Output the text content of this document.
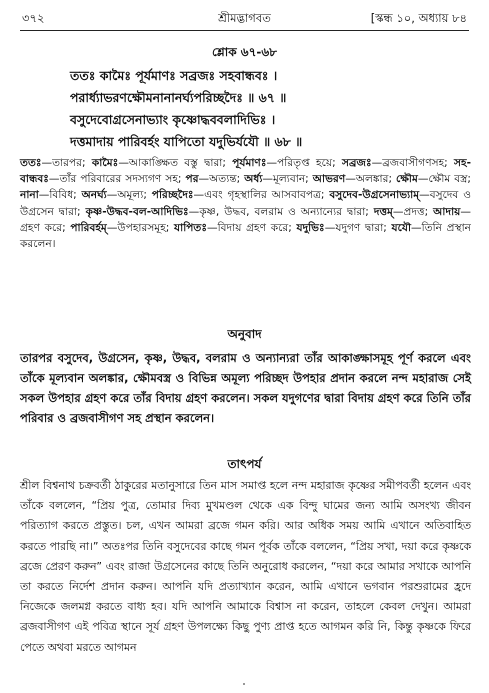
৩৭২	শ্রীমদ্ভাগবত	[স্কন্ধ ১০, অধ্যায় ৮৪
শ্লোক ৬৭-৬৮
ততঃ কামৈঃ পূর্যমাণঃ সব্রজঃ সহবান্ধবঃ ।
পরার্ধ্যাভরণক্ষৌমনানানর্ঘ্যপরিচ্ছদৈঃ ॥ ৬৭ ॥
বসুদেবোগ্রসেনাভ্যাং কৃষ্ণোদ্ধববলাদিভিঃ ।
দত্তমাদায় পারিবর্হং যাপিতো যদুভির্যযৌ ॥ ৬৮ ॥
ততঃ—তারপর; কামৈঃ—আকাঙ্ক্ষিত বস্তু দ্বারা; পূর্যমাণঃ—পরিতৃপ্ত হয়ে; সব্রজঃ—ব্রজবাসীগণসহ; সহ-বান্ধবঃ—তাঁর পরিবারের সদস্যগণ সহ; পর—অত্যন্ত; অর্ধ্য—মূল্যবান; আভরণ—অলঙ্কার; ক্ষৌম—ক্ষৌম বস্ত্র; নানা—বিবিধ; অনর্ঘ্য—অমূল্য; পরিচ্ছদৈঃ—এবং গৃহস্থালির আসবাবপত্র; বসুদেব-উগ্রসেনাভ্যাম্—বসুদেব ও উগ্রসেন দ্বারা; কৃষ্ণ-উদ্ধব-বল-আদিভিঃ—কৃষ্ণ, উদ্ধব, বলরাম ও অন্যান্যের দ্বারা; দত্তম্—প্রদত্ত; আদায়—গ্রহণ করে; পারিবর্হম্—উপহারসমূহ; যাপিতঃ—বিদায় গ্রহণ করে; যদুভিঃ—যদুগণ দ্বারা; যযৌ—তিনি প্রস্থান করলেন।
অনুবাদ
তারপর বসুদেব, উগ্রসেন, কৃষ্ণ, উদ্ধব, বলরাম ও অন্যান্যরা তাঁর আকাঙ্ক্ষাসমূহ পূর্ণ করলে এবং তাঁকে মূল্যবান অলঙ্কার, ক্ষৌমবস্ত্র ও বিভিন্ন অমূল্য পরিচ্ছদ উপহার প্রদান করলে নন্দ মহারাজ সেই সকল উপহার গ্রহণ করে তাঁর বিদায় গ্রহণ করলেন। সকল যদুগণের দ্বারা বিদায় গ্রহণ করে তিনি তাঁর পরিবার ও ব্রজবাসীগণ সহ প্রস্থান করলেন।
তাৎপর্য
শ্রীল বিশ্বনাথ চক্রবর্তী ঠাকুরের মতানুসারে তিন মাস সমাপ্ত হলে নন্দ মহারাজ কৃষ্ণের সমীপবর্তী হলেন এবং তাঁকে বললেন, “প্রিয় পুত্র, তোমার দিব্য মুখমণ্ডল থেকে এক বিন্দু ঘামের জন্য আমি অসংখ্য জীবন পরিত্যাগ করতে প্রস্তুত। চল, এখন আমরা ব্রজে গমন করি। আর অধিক সময় আমি এখানে অতিবাহিত করতে পারছি না।” অতঃপর তিনি বসুদেবের কাছে গমন পূর্বক তাঁকে বললেন, “প্রিয় সখা, দয়া করে কৃষ্ণকে ব্রজে প্রেরণ করুন” এবং রাজা উগ্রসেনের কাছে তিনি অনুরোধ করলেন, “দয়া করে আমার সখাকে আপনি তা করতে নির্দেশ প্রদান করুন। আপনি যদি প্রত্যাখ্যান করেন, আমি এখানে ভগবান পরশুরামের হ্রদে নিজেকে জলমগ্ন করতে বাধ্য হব। যদি আপনি আমাকে বিশ্বাস না করেন, তাহলে কেবল দেখুন। আমরা ব্রজবাসীগণ এই পবিত্র স্থানে সূর্য গ্রহণ উপলক্ষ্যে কিছু পুণ্য প্রাপ্ত হতে আগমন করি নি, কিন্তু কৃষ্ণকে ফিরে পেতে অথবা মরতে আগমন
